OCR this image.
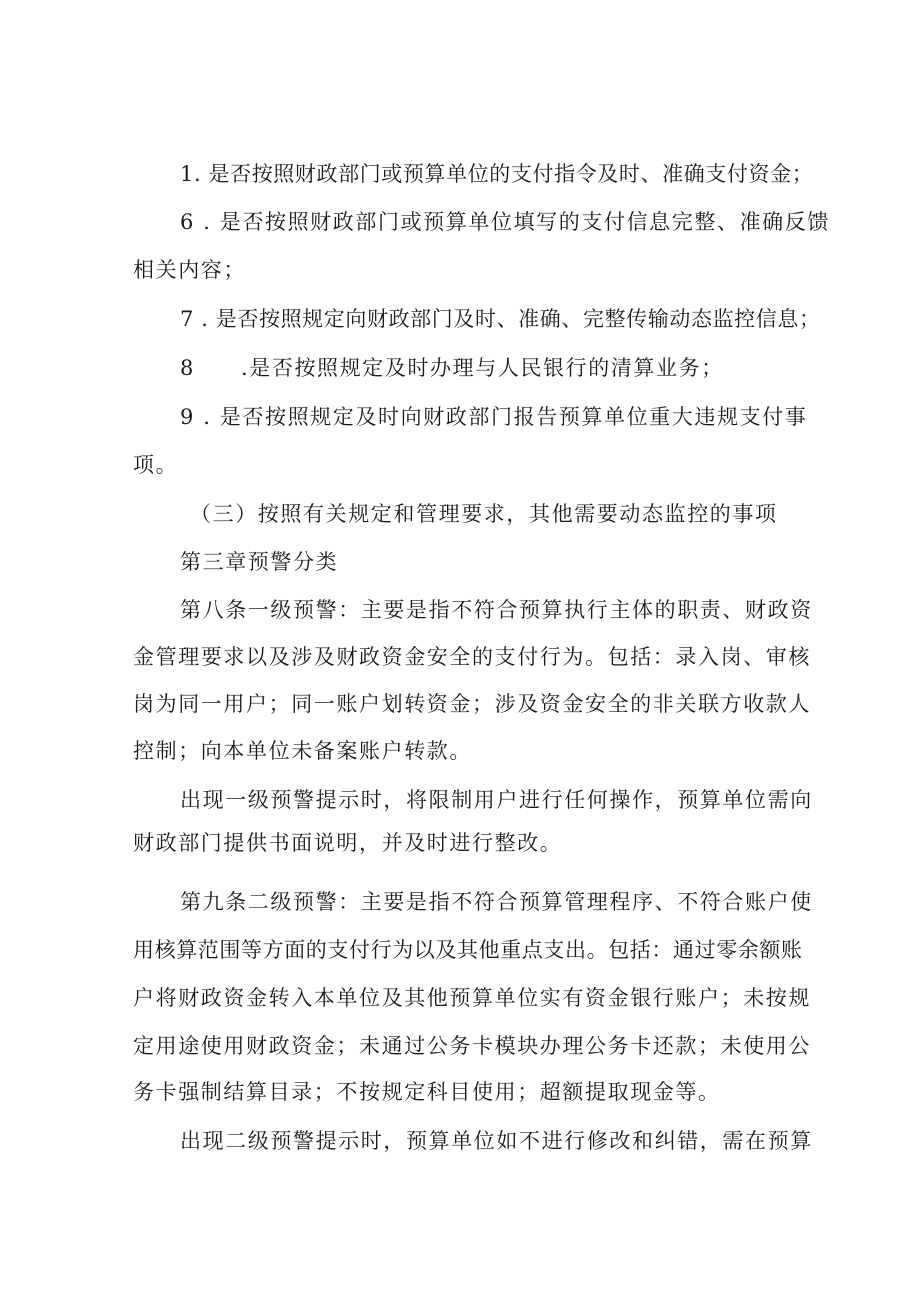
1. 是否按照财政部门或预算单位的支付指令及时、准确支付资金；
6 . 是否按照财政部门或预算单位填写的支付信息完整、准确反馈
相关内容；
7 . 是否按照规定向财政部门及时、准确、完整传输动态监控信息；
8 .是否按照规定及时办理与人民银行的清算业务；
9 . 是否按照规定及时向财政部门报告预算单位重大违规支付事
项。
（三）按照有关规定和管理要求，其他需要动态监控的事项
第三章预警分类
第八条一级预警：主要是指不符合预算执行主体的职责、财政资
金管理要求以及涉及财政资金安全的支付行为。包括：录入岗、审核
岗为同一用户；同一账户划转资金；涉及资金安全的非关联方收款人
控制；向本单位未备案账户转款。
出现一级预警提示时，将限制用户进行任何操作，预算单位需向
财政部门提供书面说明，并及时进行整改。
第九条二级预警：主要是指不符合预算管理程序、不符合账户使
用核算范围等方面的支付行为以及其他重点支出。包括：通过零余额账
户将财政资金转入本单位及其他预算单位实有资金银行账户；未按规
定用途使用财政资金；未通过公务卡模块办理公务卡还款；未使用公
务卡强制结算目录；不按规定科目使用；超额提取现金等。
出现二级预警提示时，预算单位如不进行修改和纠错，需在预算
